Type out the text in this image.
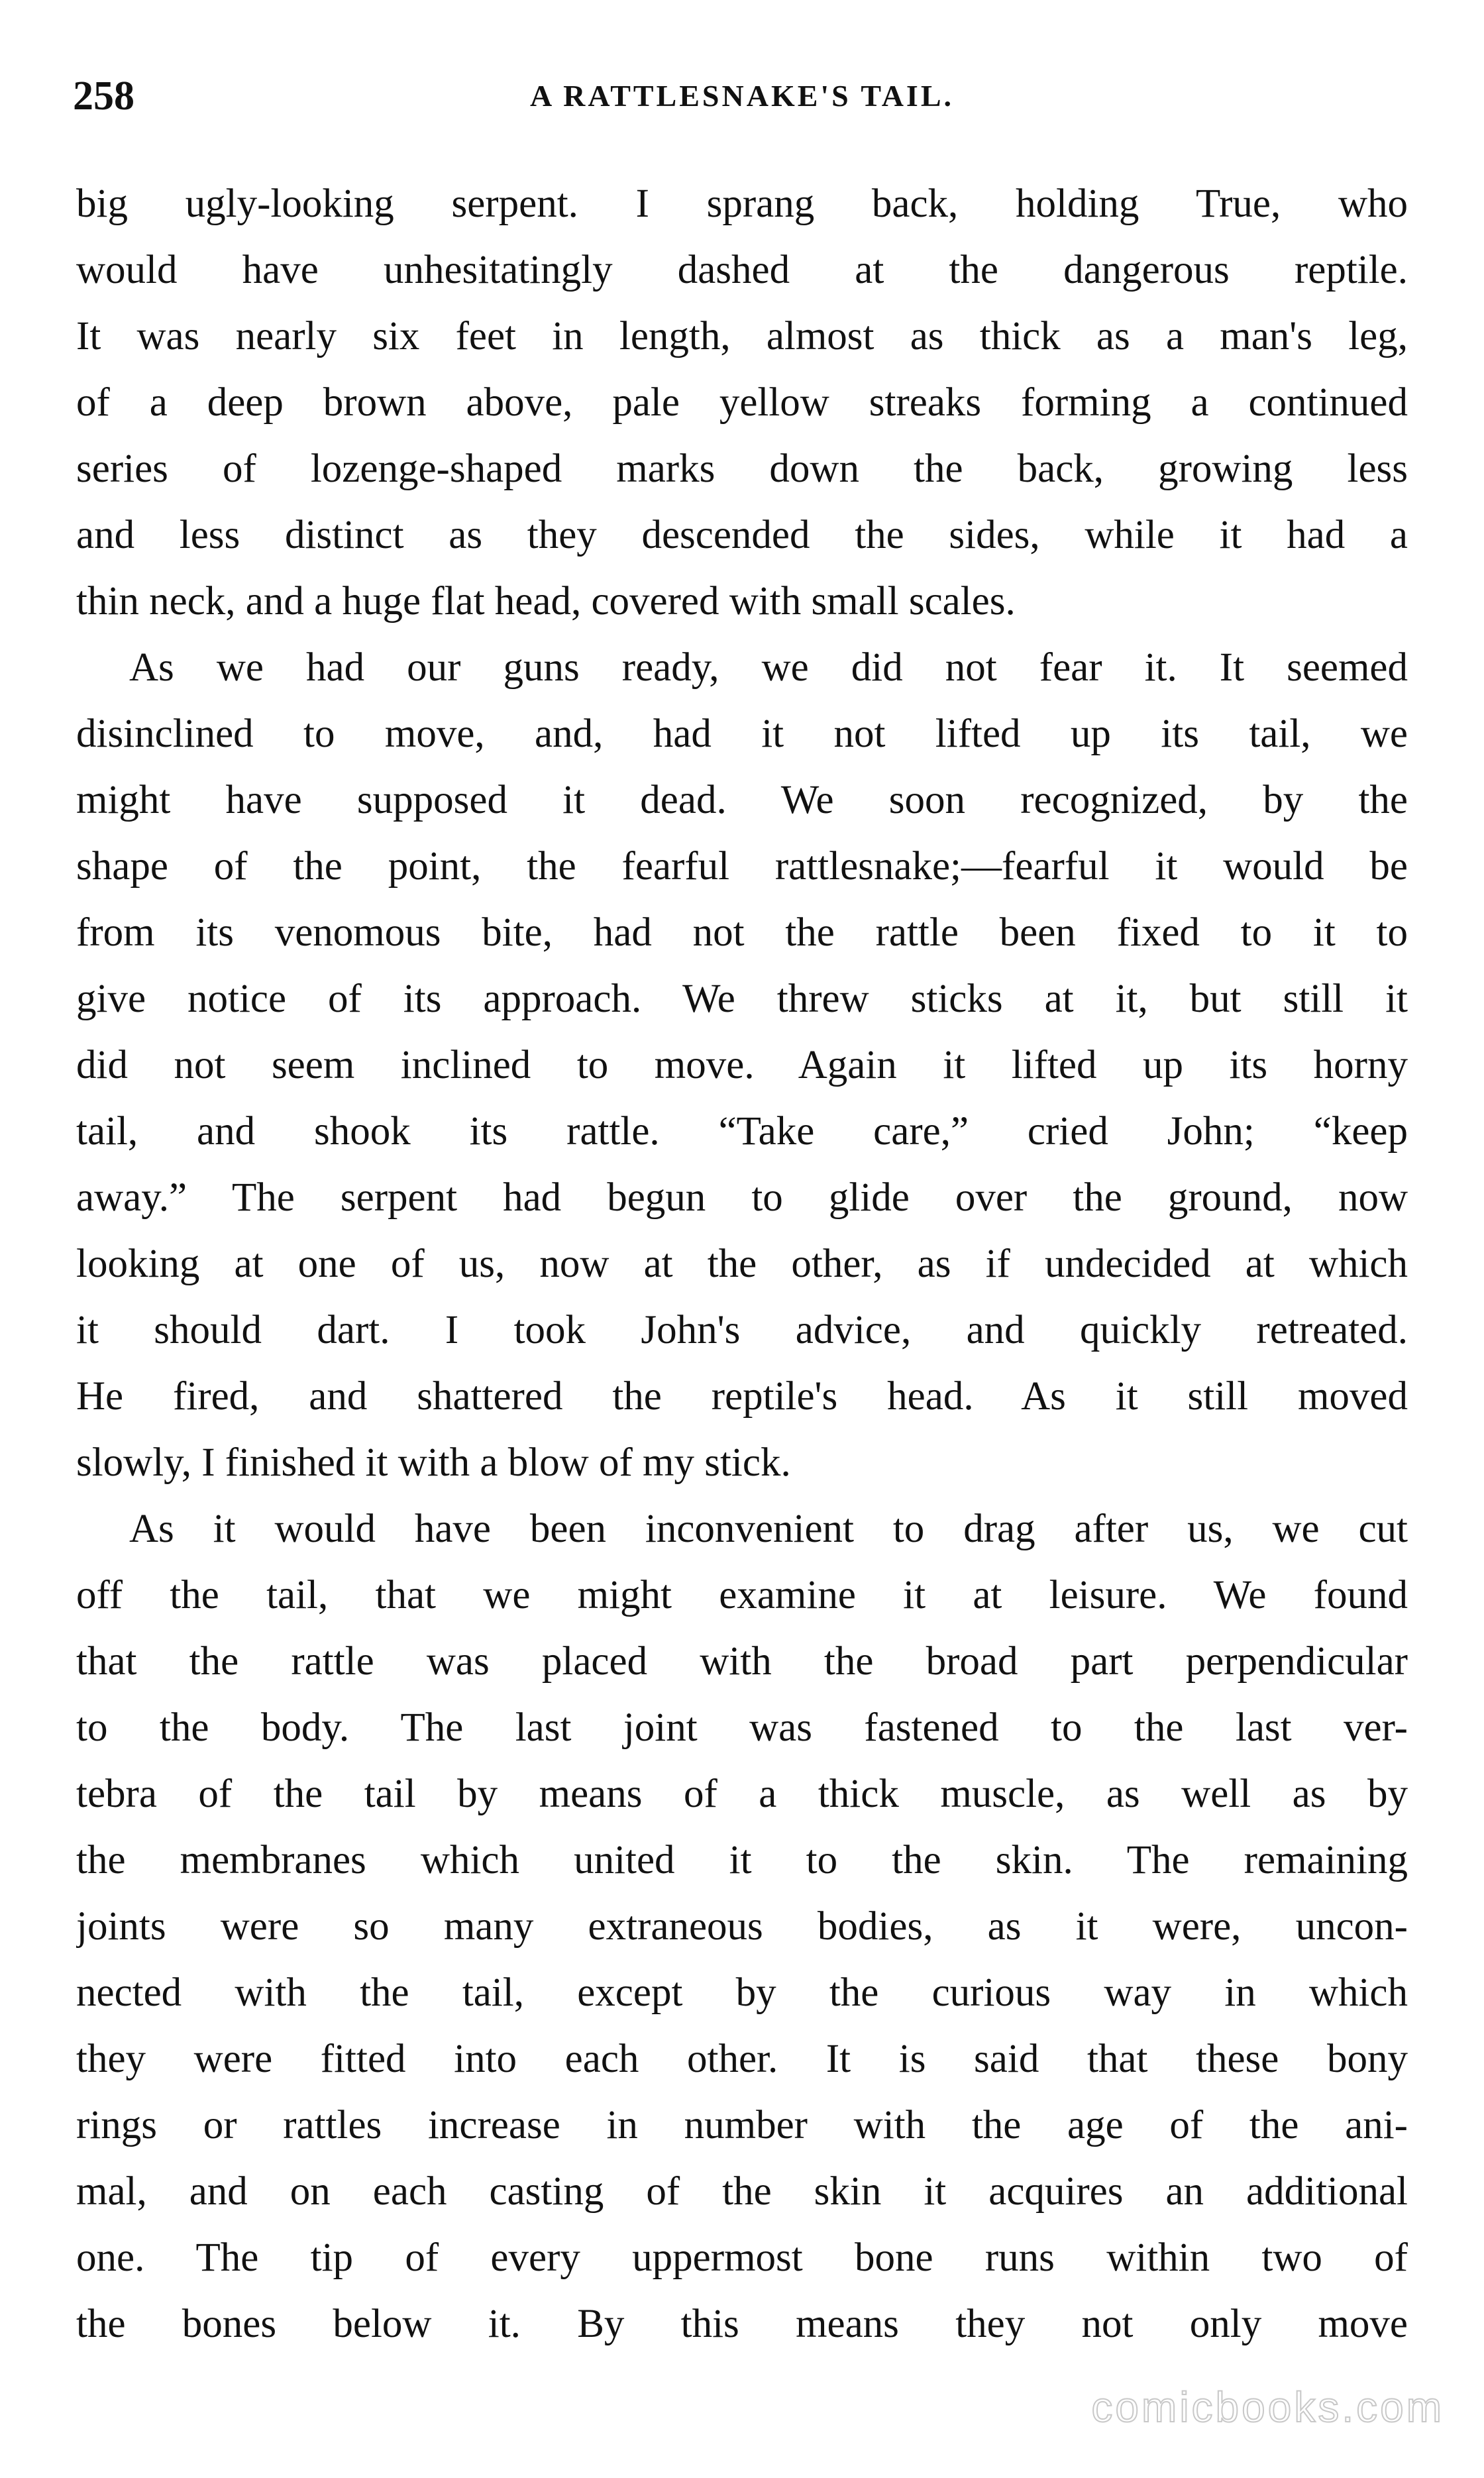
258	A RATTLESNAKE'S TAIL.
big ugly-looking serpent. I sprang back, holding True, who
would have unhesitatingly dashed at the dangerous reptile.
It was nearly six feet in length, almost as thick as a man's leg,
of a deep brown above, pale yellow streaks forming a continued
series of lozenge-shaped marks down the back, growing less
and less distinct as they descended the sides, while it had a
thin neck, and a huge flat head, covered with small scales.
As we had our guns ready, we did not fear it. It seemed
disinclined to move, and, had it not lifted up its tail, we
might have supposed it dead. We soon recognized, by the
shape of the point, the fearful rattlesnake;—fearful it would be
from its venomous bite, had not the rattle been fixed to it to
give notice of its approach. We threw sticks at it, but still it
did not seem inclined to move. Again it lifted up its horny
tail, and shook its rattle. “Take care,” cried John; “keep
away.” The serpent had begun to glide over the ground, now
looking at one of us, now at the other, as if undecided at which
it should dart. I took John's advice, and quickly retreated.
He fired, and shattered the reptile's head. As it still moved
slowly, I finished it with a blow of my stick.
As it would have been inconvenient to drag after us, we cut
off the tail, that we might examine it at leisure. We found
that the rattle was placed with the broad part perpendicular
to the body. The last joint was fastened to the last ver-
tebra of the tail by means of a thick muscle, as well as by
the membranes which united it to the skin. The remaining
joints were so many extraneous bodies, as it were, uncon-
nected with the tail, except by the curious way in which
they were fitted into each other. It is said that these bony
rings or rattles increase in number with the age of the ani-
mal, and on each casting of the skin it acquires an additional
one. The tip of every uppermost bone runs within two of
the bones below it. By this means they not only move
comicbooks.com
